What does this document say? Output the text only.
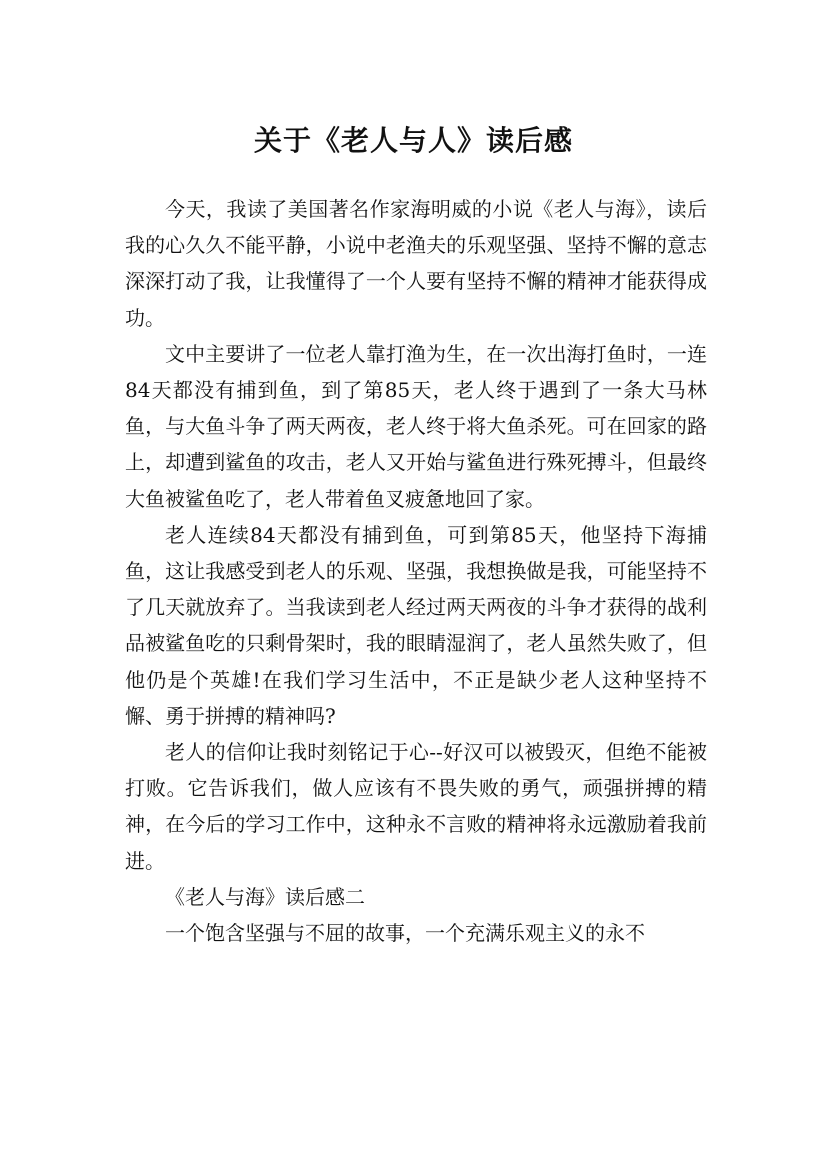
关于《老人与人》读后感

今天，我读了美国著名作家海明威的小说《老人与海》，读后我的心久久不能平静，小说中老渔夫的乐观坚强、坚持不懈的意志深深打动了我，让我懂得了一个人要有坚持不懈的精神才能获得成功。

文中主要讲了一位老人靠打渔为生，在一次出海打鱼时，一连84天都没有捕到鱼，到了第85天，老人终于遇到了一条大马林鱼，与大鱼斗争了两天两夜，老人终于将大鱼杀死。可在回家的路上，却遭到鲨鱼的攻击，老人又开始与鲨鱼进行殊死搏斗，但最终大鱼被鲨鱼吃了，老人带着鱼叉疲惫地回了家。

老人连续84天都没有捕到鱼，可到第85天，他坚持下海捕鱼，这让我感受到老人的乐观、坚强，我想换做是我，可能坚持不了几天就放弃了。当我读到老人经过两天两夜的斗争才获得的战利品被鲨鱼吃的只剩骨架时，我的眼睛湿润了，老人虽然失败了，但他仍是个英雄!在我们学习生活中，不正是缺少老人这种坚持不懈、勇于拼搏的精神吗?

老人的信仰让我时刻铭记于心--好汉可以被毁灭，但绝不能被打败。它告诉我们，做人应该有不畏失败的勇气，顽强拼搏的精神，在今后的学习工作中，这种永不言败的精神将永远激励着我前进。

《老人与海》读后感二

一个饱含坚强与不屈的故事，一个充满乐观主义的永不
